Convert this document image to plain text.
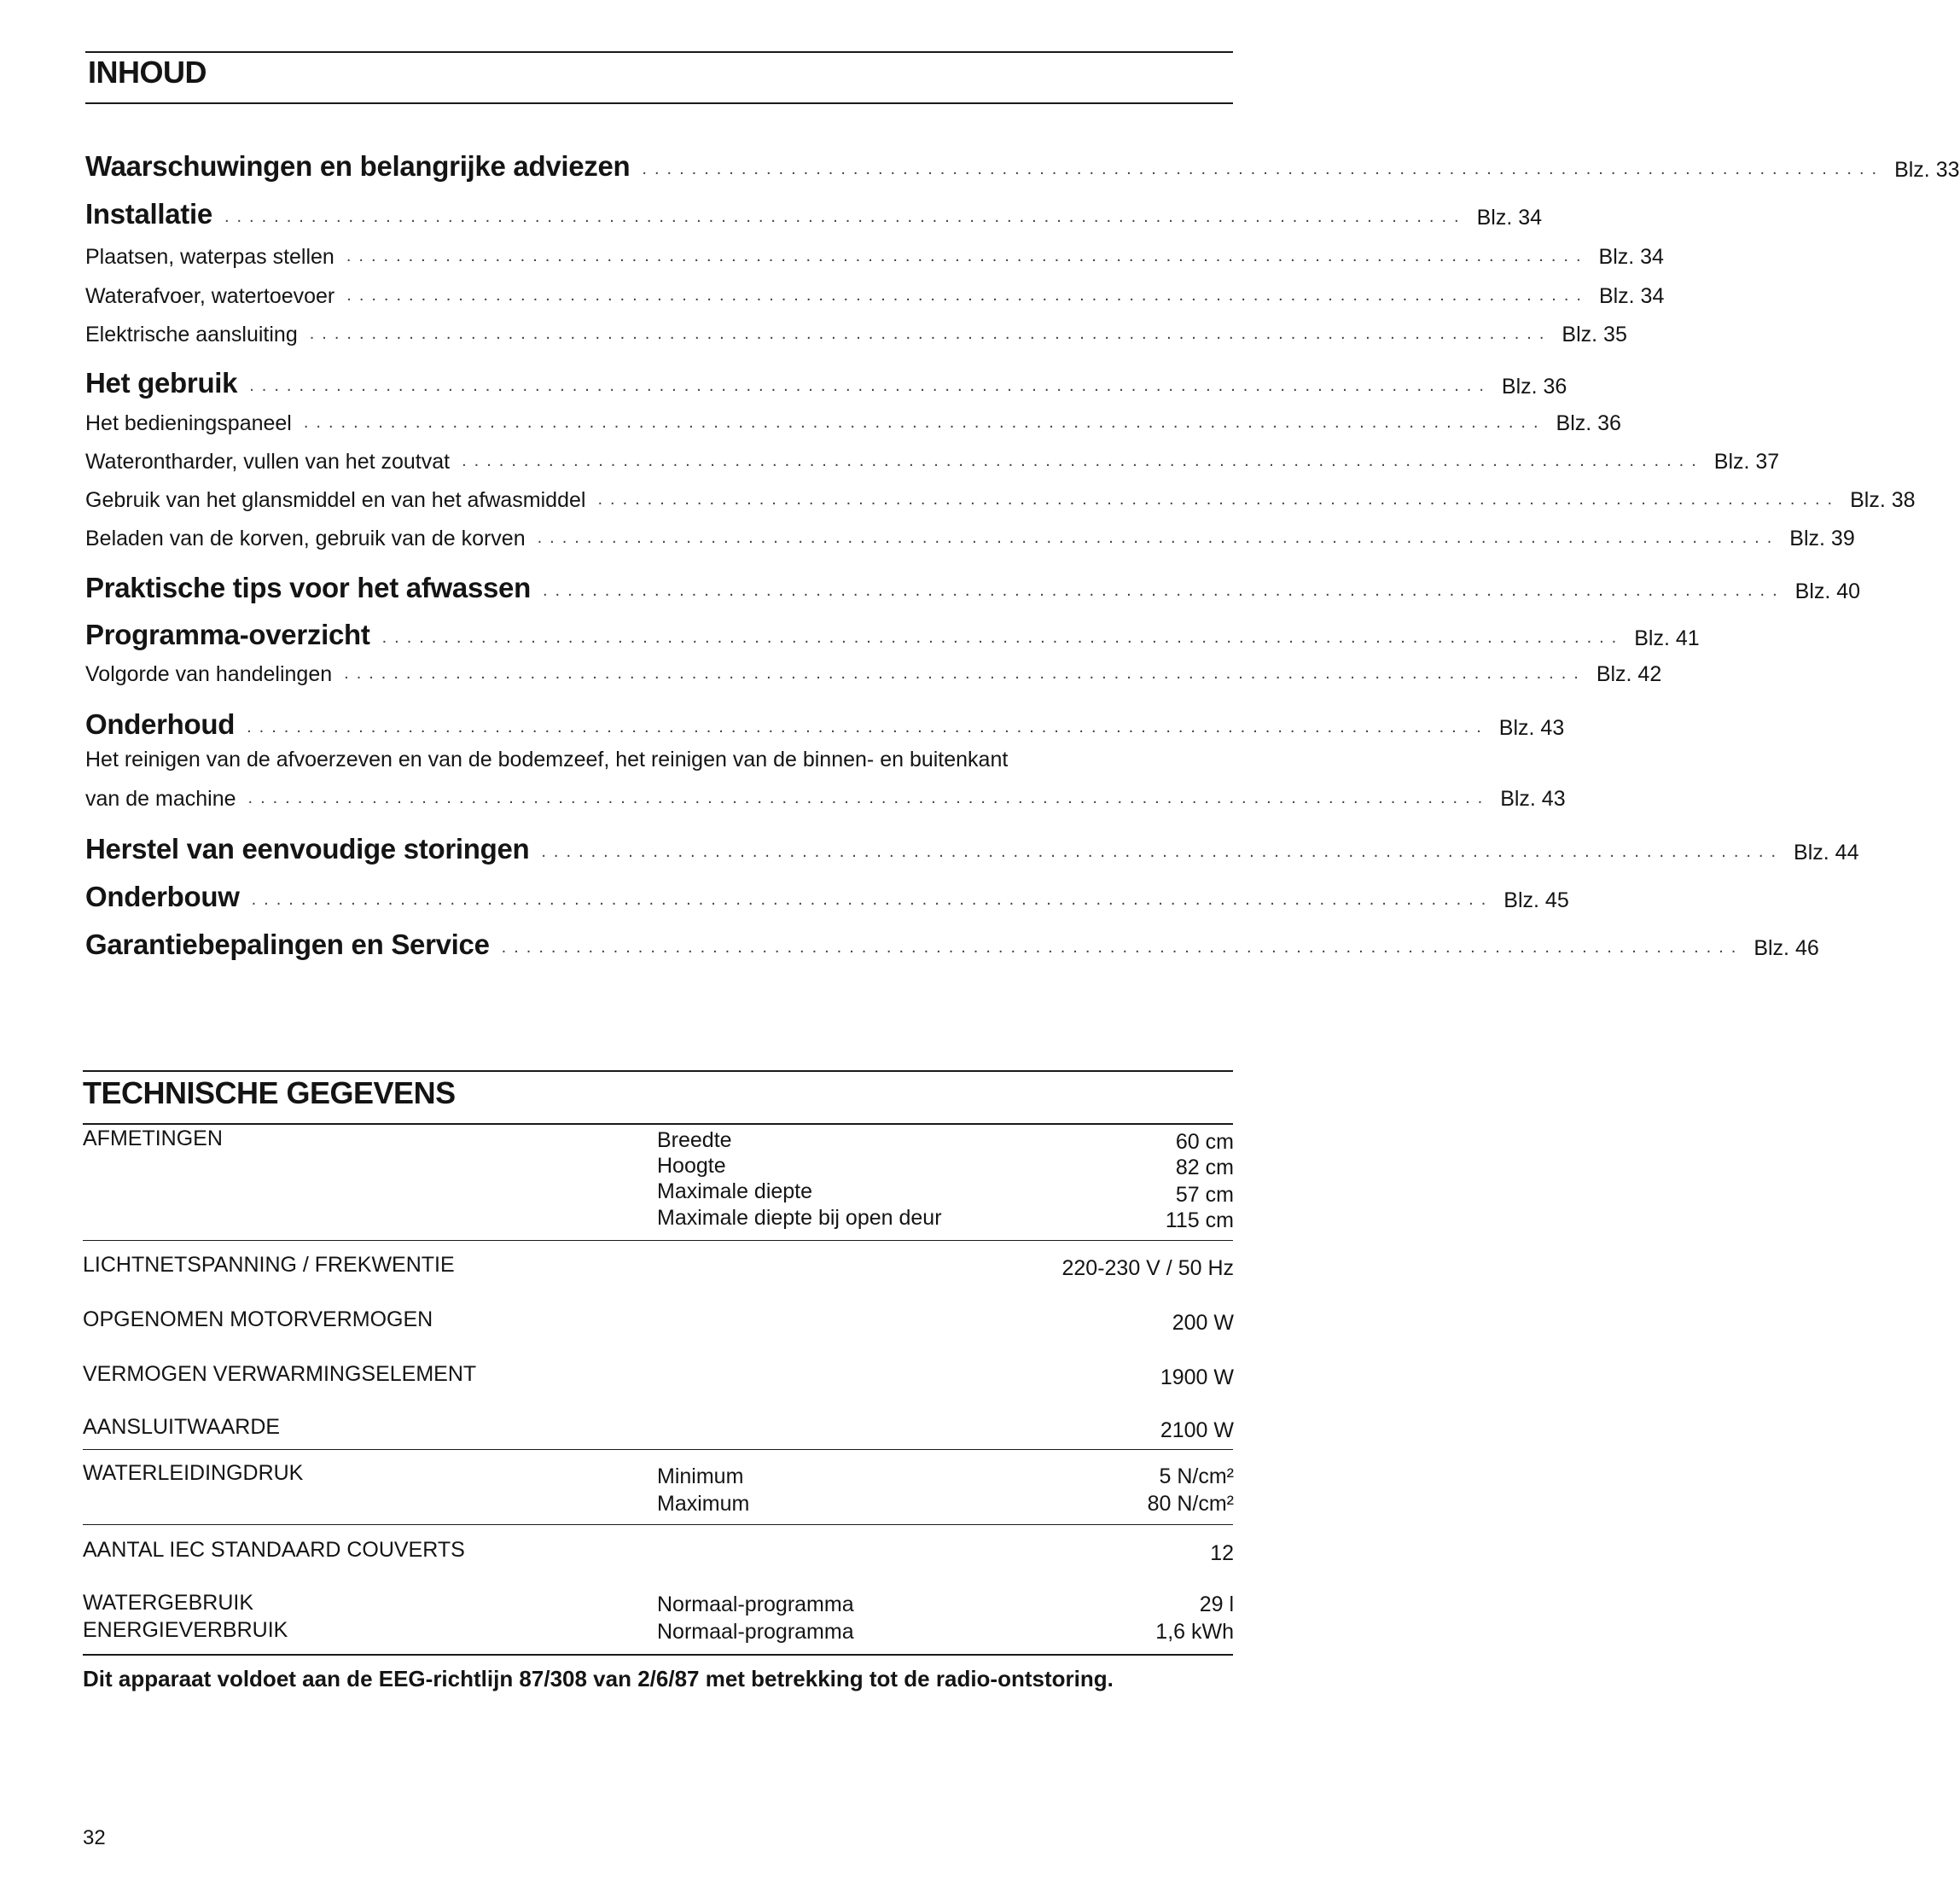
INHOUD
Waarschuwingen en belangrijke adviezen .................................................................................................... Blz. 33
Installatie .................................................................................................... Blz. 34
Plaatsen, waterpas stellen .................................................................................................... Blz. 34
Waterafvoer, watertoevoer .................................................................................................... Blz. 34
Elektrische aansluiting .................................................................................................... Blz. 35
Het gebruik .................................................................................................... Blz. 36
Het bedieningspaneel .................................................................................................... Blz. 36
Waterontharder, vullen van het zoutvat .................................................................................................... Blz. 37
Gebruik van het glansmiddel en van het afwasmiddel .................................................................................................... Blz. 38
Beladen van de korven, gebruik van de korven .................................................................................................... Blz. 39
Praktische tips voor het afwassen .................................................................................................... Blz. 40
Programma-overzicht .................................................................................................... Blz. 41
Volgorde van handelingen .................................................................................................... Blz. 42
Onderhoud .................................................................................................... Blz. 43
Het reinigen van de afvoerzeven en van de bodemzeef, het reinigen van de binnen- en buitenkant
van de machine .................................................................................................... Blz. 43
Herstel van eenvoudige storingen .................................................................................................... Blz. 44
Onderbouw .................................................................................................... Blz. 45
Garantiebepalingen en Service .................................................................................................... Blz. 46
TECHNISCHE GEGEVENS
AFMETINGEN	Breedte	60 cm
Hoogte	82 cm
Maximale diepte	57 cm
Maximale diepte bij open deur	115 cm
LICHTNETSPANNING / FREKWENTIE	220-230 V / 50 Hz
OPGENOMEN MOTORVERMOGEN	200 W
VERMOGEN VERWARMINGSELEMENT	1900 W
AANSLUITWAARDE	2100 W
WATERLEIDINGDRUK	Minimum	5 N/cm²
Maximum	80 N/cm²
AANTAL IEC STANDAARD COUVERTS	12
WATERGEBRUIK	Normaal-programma	29 l
ENERGIEVERBRUIK	Normaal-programma	1,6 kWh
Dit apparaat voldoet aan de EEG-richtlijn 87/308 van 2/6/87 met betrekking tot de radio-ontstoring.
32
